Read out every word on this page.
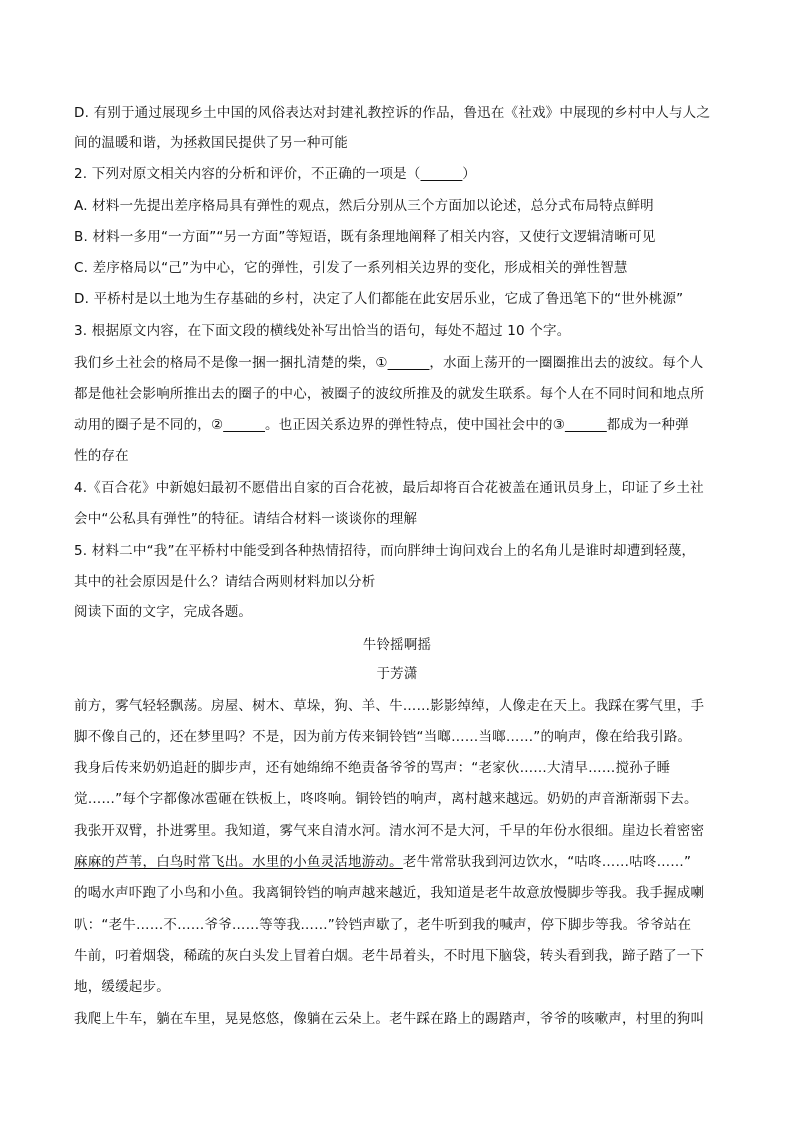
D. 有别于通过展现乡土中国的风俗表达对封建礼教控诉的作品，鲁迅在《社戏》中展现的乡村中人与人之
间的温暖和谐，为拯救国民提供了另一种可能
2. 下列对原文相关内容的分析和评价，不正确的一项是（______）
A. 材料一先提出差序格局具有弹性的观点，然后分别从三个方面加以论述，总分式布局特点鲜明
B. 材料一多用“一方面”“另一方面”等短语，既有条理地阐释了相关内容，又使行文逻辑清晰可见
C. 差序格局以“己”为中心，它的弹性，引发了一系列相关边界的变化，形成相关的弹性智慧
D. 平桥村是以土地为生存基础的乡村，决定了人们都能在此安居乐业，它成了鲁迅笔下的“世外桃源”
3. 根据原文内容，在下面文段的横线处补写出恰当的语句，每处不超过 10 个字。
我们乡土社会的格局不是像一捆一捆扎清楚的柴，①______，水面上荡开的一圈圈推出去的波纹。每个人
都是他社会影响所推出去的圈子的中心，被圈子的波纹所推及的就发生联系。每个人在不同时间和地点所
动用的圈子是不同的，②______。也正因关系边界的弹性特点，使中国社会中的③______都成为一种弹
性的存在
4.《百合花》中新媳妇最初不愿借出自家的百合花被，最后却将百合花被盖在通讯员身上，印证了乡土社
会中“公私具有弹性”的特征。请结合材料一谈谈你的理解
5. 材料二中“我”在平桥村中能受到各种热情招待，而向胖绅士询问戏台上的名角儿是谁时却遭到轻蔑，
其中的社会原因是什么？请结合两则材料加以分析
阅读下面的文字，完成各题。
牛铃摇啊摇
于芳潇
前方，雾气轻轻飘荡。房屋、树木、草垛，狗、羊、牛……影影绰绰，人像走在天上。我踩在雾气里，手
脚不像自己的，还在梦里吗？不是，因为前方传来铜铃铛“当啷……当啷……”的响声，像在给我引路。
我身后传来奶奶追赶的脚步声，还有她绵绵不绝责备爷爷的骂声：“老家伙……大清早……搅孙子睡
觉……”每个字都像冰雹砸在铁板上，咚咚响。铜铃铛的响声，离村越来越远。奶奶的声音渐渐弱下去。
我张开双臂，扑进雾里。我知道，雾气来自清水河。清水河不是大河，千早的年份水很细。崖边长着密密
麻麻的芦苇，白鸟时常飞出。水里的小鱼灵活地游动。老牛常常驮我到河边饮水，“咕咚……咕咚……”
的喝水声吓跑了小鸟和小鱼。我离铜铃铛的响声越来越近，我知道是老牛故意放慢脚步等我。我手握成喇
叭：“老牛……不……爷爷……等等我……”铃铛声歇了，老牛听到我的喊声，停下脚步等我。爷爷站在
牛前，叼着烟袋，稀疏的灰白头发上冒着白烟。老牛昂着头，不时甩下脑袋，转头看到我，蹄子踏了一下
地，缓缓起步。
我爬上牛车，躺在车里，晃晃悠悠，像躺在云朵上。老牛踩在路上的踢踏声，爷爷的咳嗽声，村里的狗叫
